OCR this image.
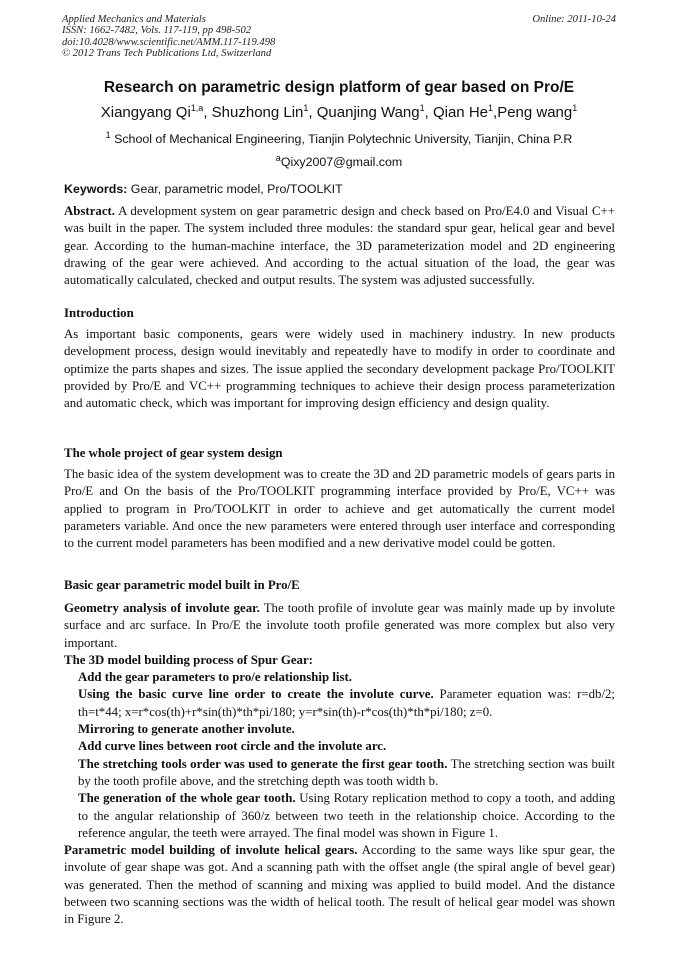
Applied Mechanics and Materials
ISSN: 1662-7482, Vols. 117-119, pp 498-502
doi:10.4028/www.scientific.net/AMM.117-119.498
© 2012 Trans Tech Publications Ltd, Switzerland
Online: 2011-10-24
Research on parametric design platform of gear based on Pro/E
Xiangyang Qi$^{1,a}$, Shuzhong Lin$^1$, Quanjing Wang$^1$, Qian He$^1$,Peng wang$^1$
$^1$ School of Mechanical Engineering, Tianjin Polytechnic University, Tianjin, China P.R
$^a$Qixy2007@gmail.com
Keywords: Gear, parametric model, Pro/TOOLKIT

Abstract. A development system on gear parametric design and check based on Pro/E4.0 and Visual C++ was built in the paper. The system included three modules: the standard spur gear, helical gear and bevel gear. According to the human-machine interface, the 3D parameterization model and 2D engineering drawing of the gear were achieved. And according to the actual situation of the load, the gear was automatically calculated, checked and output results. The system was adjusted successfully.

Introduction

As important basic components, gears were widely used in machinery industry. In new products development process, design would inevitably and repeatedly have to modify in order to coordinate and optimize the parts shapes and sizes. The issue applied the secondary development package Pro/TOOLKIT provided by Pro/E and VC++ programming techniques to achieve their design process parameterization and automatic check, which was important for improving design efficiency and design quality.

The whole project of gear system design

The basic idea of the system development was to create the 3D and 2D parametric models of gears parts in Pro/E and On the basis of the Pro/TOOLKIT programming interface provided by Pro/E, VC++ was applied to program in Pro/TOOLKIT in order to achieve and get automatically the current model parameters variable. And once the new parameters were entered through user interface and corresponding to the current model parameters has been modified and a new derivative model could be gotten.

Basic gear parametric model built in Pro/E

Geometry analysis of involute gear. The tooth profile of involute gear was mainly made up by involute surface and arc surface. In Pro/E the involute tooth profile generated was more complex but also very important.

The 3D model building process of Spur Gear:

Add the gear parameters to pro/e relationship list.

Using the basic curve line order to create the involute curve. Parameter equation was: r=db/2; th=t*44; x=r*cos(th)+r*sin(th)*th*pi/180; y=r*sin(th)-r*cos(th)*th*pi/180; z=0.

Mirroring to generate another involute.

Add curve lines between root circle and the involute arc.

The stretching tools order was used to generate the first gear tooth. The stretching section was built by the tooth profile above, and the stretching depth was tooth width b.

The generation of the whole gear tooth. Using Rotary replication method to copy a tooth, and adding to the angular relationship of 360/z between two teeth in the relationship choice. According to the reference angular, the teeth were arrayed. The final model was shown in Figure 1.

Parametric model building of involute helical gears. According to the same ways like spur gear, the involute of gear shape was got. And a scanning path with the offset angle (the spiral angle of bevel gear) was generated. Then the method of scanning and mixing was applied to build model. And the distance between two scanning sections was the width of helical tooth. The result of helical gear model was shown in Figure 2.
